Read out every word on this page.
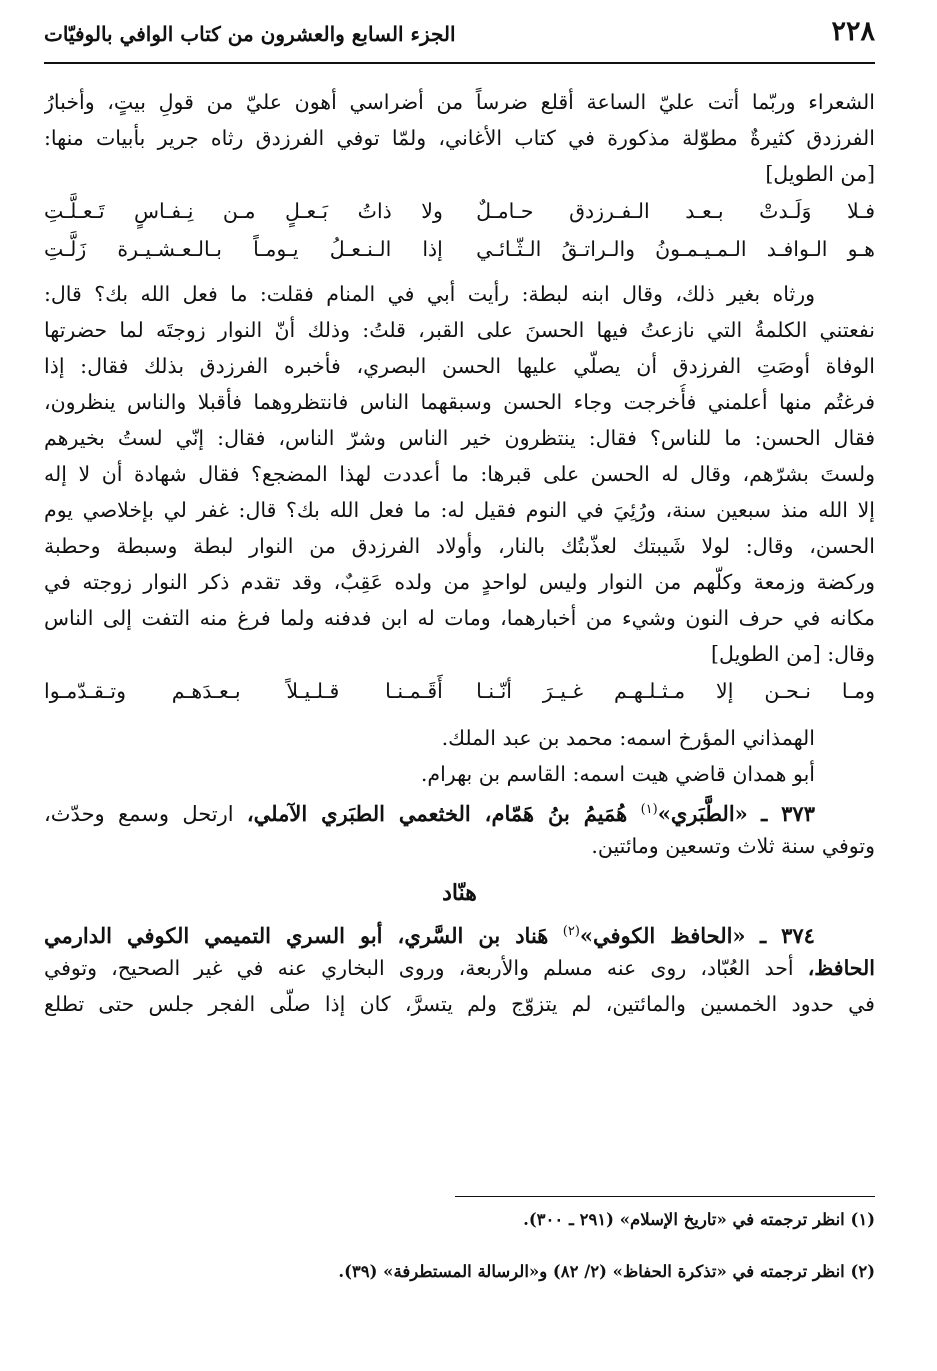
٢٢٨
الجزء السابع والعشرون من كتاب الوافي بالوفيّات
الشعراء وربّما أتت عليّ الساعة أقلع ضرساً من أضراسي أهون عليّ من قولِ بيتٍ، وأخبارُ
الفرزدق كثيرةٌ مطوّلة مذكورة في كتاب الأغاني، ولمّا توفي الفرزدق رثاه جرير بأبيات منها:
[من الطويل]
فـلا وَلَـدتْ بـعـد الـفـرزدق حـامـلٌ
ولا ذاتُ بَـعـلٍ مـن نِـفـاسٍ تَـعـلَّـتِ
هـو الـوافـد الـمـيـمـونُ والـراتـقُ الـثّـائـي
إذا الـنـعـلُ يـومـاً بـالـعـشـيـرة زَلَّـتِ
ورثاه بغير ذلك، وقال ابنه لبطة: رأيت أبي في المنام فقلت: ما فعل الله بك؟ قال:
نفعتني الكلمةُ التي نازعتُ فيها الحسنَ على القبر، قلتُ: وذلك أنّ النوار زوجتَه لما حضرتها
الوفاة أوصَتِ الفرزدق أن يصلّي عليها الحسن البصري، فأخبره الفرزدق بذلك فقال: إذا
فرغتُم منها أعلمني فأُخرجت وجاء الحسن وسبقهما الناس فانتظروهما فأقبلا والناس ينظرون،
فقال الحسن: ما للناس؟ فقال: ينتظرون خير الناس وشرّ الناس، فقال: إنّي لستُ بخيرهم
ولستَ بشرّهم، وقال له الحسن على قبرها: ما أعددت لهذا المضجع؟ فقال شهادة أن لا إله
إلا الله منذ سبعين سنة، ورُئِيَ في النوم فقيل له: ما فعل الله بك؟ قال: غفر لي بإخلاصي يوم
الحسن، وقال: لولا شَيبتك لعذّبتُك بالنار، وأولاد الفرزدق من النوار لبطة وسبطة وحطبة
وركضة وزمعة وكلّهم من النوار وليس لواحدٍ من ولده عَقِبٌ، وقد تقدم ذكر النوار زوجته في
مكانه في حرف النون وشيء من أخبارهما، ومات له ابن فدفنه ولما فرغ منه التفت إلى الناس
وقال: [من الطويل]
ومـا نـحـن إلا مـثـلـهـم غـيـرَ أنّـنـا
أَقَـمـنـا قـلـيـلاً بـعـدَهـم وتـقـدّمـوا
الهمذاني المؤرخ اسمه: محمد بن عبد الملك.
أبو همدان قاضي هيت اسمه: القاسم بن بهرام.
٣٧٣ ـ «الطَّبَري»$^{(١)}$ هُمَيمُ بنُ هَمّام، الخثعمي الطبَري الآملي، ارتحل وسمع وحدّث،
وتوفي سنة ثلاث وتسعين ومائتين.
هنّاد
٣٧٤ ـ «الحافظ الكوفي»$^{(٢)}$ هَناد بن السَّري، أبو السري التميمي الكوفي الدارمي
الحافظ، أحد العُبّاد، روى عنه مسلم والأربعة، وروى البخاري عنه في غير الصحيح، وتوفي
في حدود الخمسين والمائتين، لم يتزوّج ولم يتسرَّ، كان إذا صلّى الفجر جلس حتى تطلع
(١) انظر ترجمته في «تاريخ الإسلام» (٢٩١ ـ ٣٠٠).
(٢) انظر ترجمته في «تذكرة الحفاظ» (٢/ ٨٢) و«الرسالة المستطرفة» (٣٩).
